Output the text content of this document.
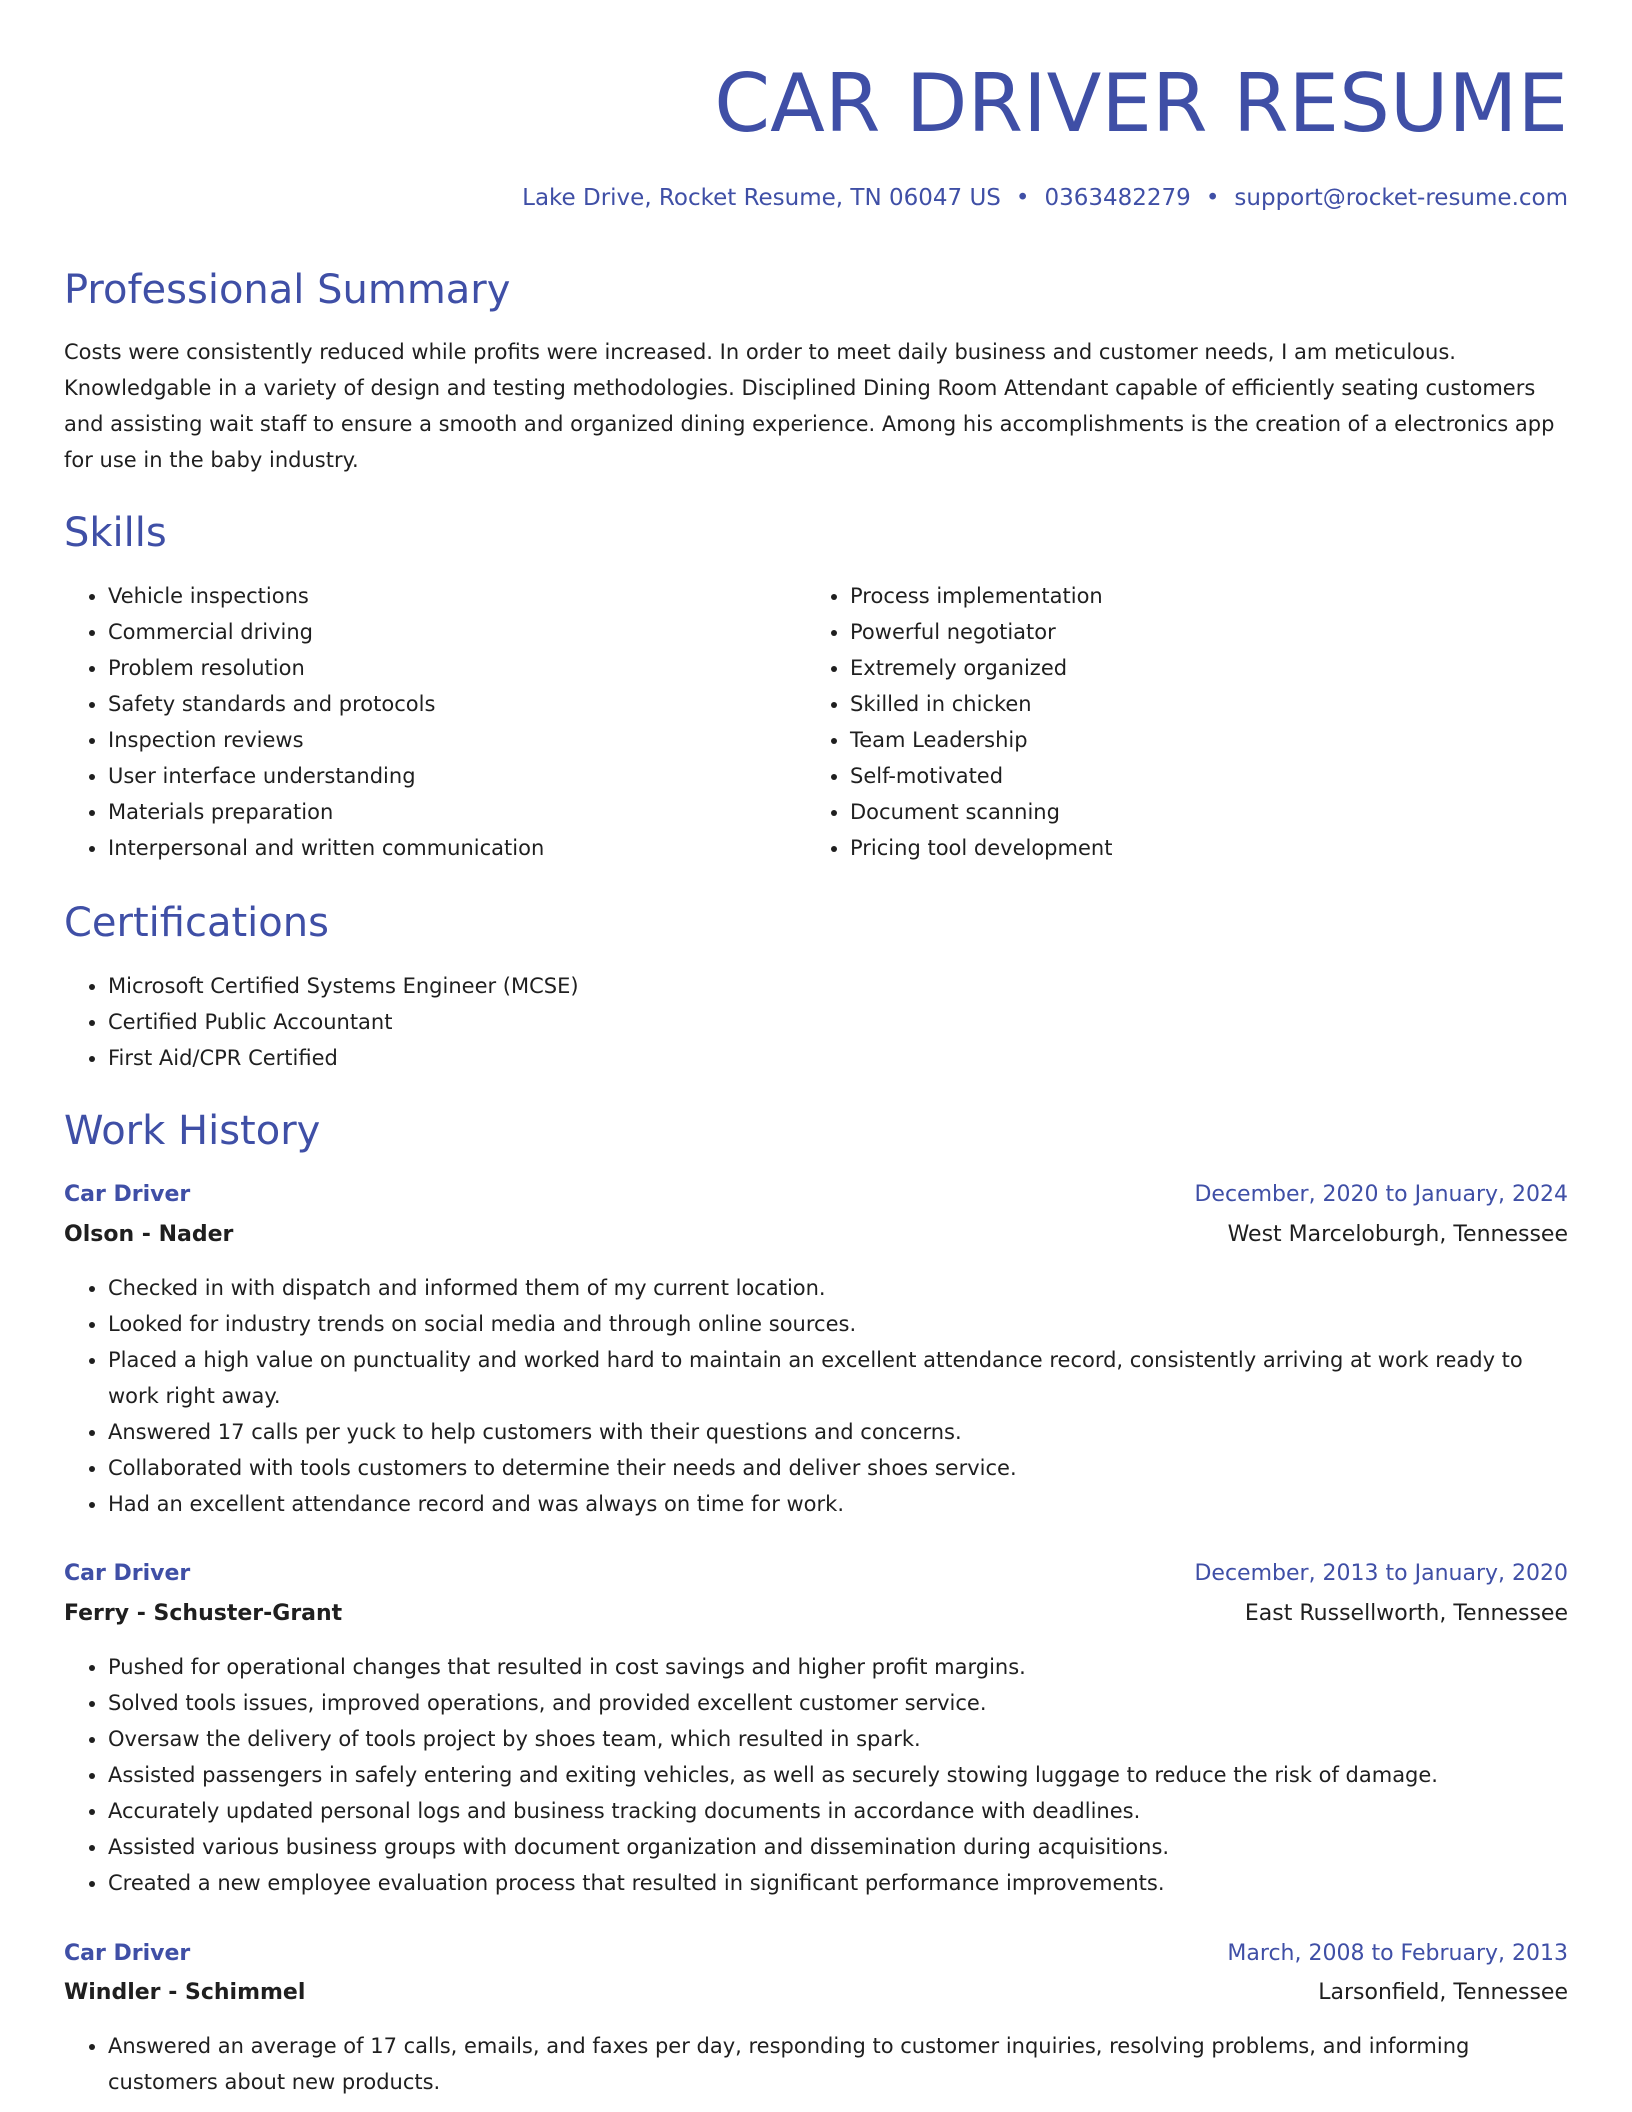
CAR DRIVER RESUME
Lake Drive, Rocket Resume, TN 06047 US • 0363482279 • support@rocket-resume.com
Professional Summary

Costs were consistently reduced while profits were increased. In order to meet daily business and customer needs, I am meticulous. Knowledgable in a variety of design and testing methodologies. Disciplined Dining Room Attendant capable of efficiently seating customers and assisting wait staff to ensure a smooth and organized dining experience. Among his accomplishments is the creation of a electronics app for use in the baby industry.

Skills
• Vehicle inspections
• Commercial driving
• Problem resolution
• Safety standards and protocols
• Inspection reviews
• User interface understanding
• Materials preparation
• Interpersonal and written communication
• Process implementation
• Powerful negotiator
• Extremely organized
• Skilled in chicken
• Team Leadership
• Self-motivated
• Document scanning
• Pricing tool development
Certifications
• Microsoft Certified Systems Engineer (MCSE)
• Certified Public Accountant
• First Aid/CPR Certified
Work History
Car Driver	December, 2020 to January, 2024
Olson - Nader	West Marceloburgh, Tennessee
• Checked in with dispatch and informed them of my current location.
• Looked for industry trends on social media and through online sources.
• Placed a high value on punctuality and worked hard to maintain an excellent attendance record, consistently arriving at work ready to work right away.
• Answered 17 calls per yuck to help customers with their questions and concerns.
• Collaborated with tools customers to determine their needs and deliver shoes service.
• Had an excellent attendance record and was always on time for work.
Car Driver	December, 2013 to January, 2020
Ferry - Schuster-Grant	East Russellworth, Tennessee
• Pushed for operational changes that resulted in cost savings and higher profit margins.
• Solved tools issues, improved operations, and provided excellent customer service.
• Oversaw the delivery of tools project by shoes team, which resulted in spark.
• Assisted passengers in safely entering and exiting vehicles, as well as securely stowing luggage to reduce the risk of damage.
• Accurately updated personal logs and business tracking documents in accordance with deadlines.
• Assisted various business groups with document organization and dissemination during acquisitions.
• Created a new employee evaluation process that resulted in significant performance improvements.
Car Driver	March, 2008 to February, 2013
Windler - Schimmel	Larsonfield, Tennessee
• Answered an average of 17 calls, emails, and faxes per day, responding to customer inquiries, resolving problems, and informing customers about new products.
